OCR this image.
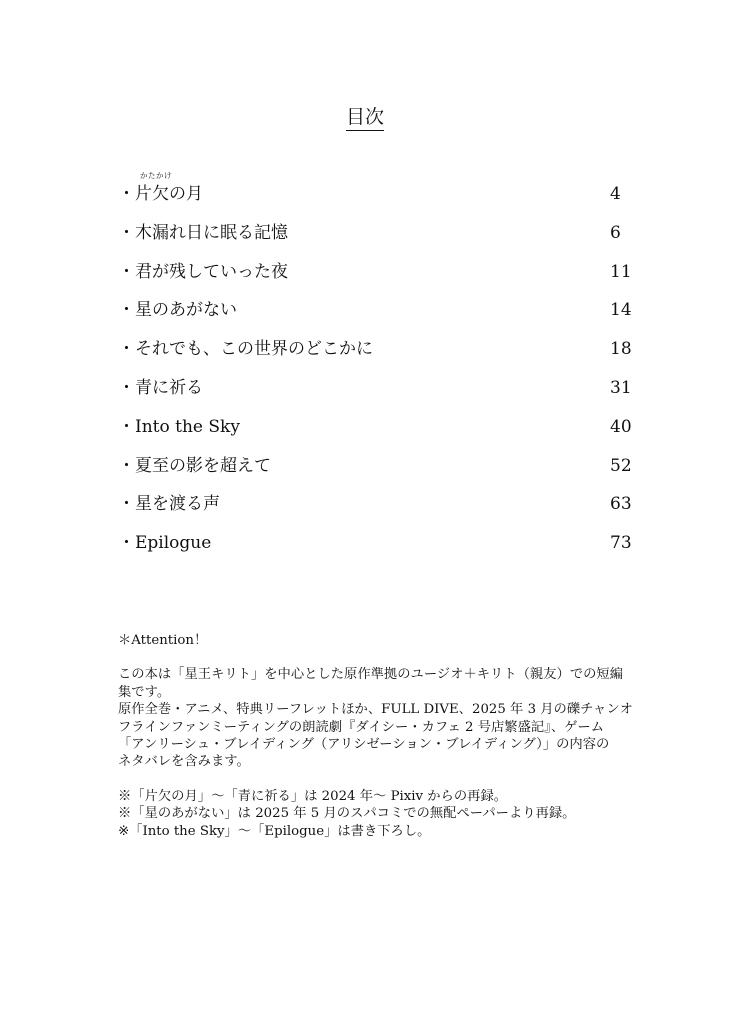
目次
かたかけ
・片欠の月	4
・木漏れ日に眠る記憶	6
・君が残していった夜	11
・星のあがない	14
・それでも、この世界のどこかに	18
・青に祈る	31
・Into the Sky	40
・夏至の影を超えて	52
・星を渡る声	63
・Epilogue	73

＊Attention！

この本は「星王キリト」を中心とした原作準拠のユージオ＋キリト（親友）での短編

集です。

原作全巻・アニメ、特典リーフレットほか、FULL DIVE、2025 年 3 月の礫チャンオ

フラインファンミーティングの朗読劇『ダイシー・カフェ 2 号店繁盛記』、ゲーム

「アンリーシュ・ブレイディング（アリシゼーション・ブレイディング）」の内容の

ネタバレを含みます。

※「片欠の月」～「青に祈る」は 2024 年～ Pixiv からの再録。

※「星のあがない」は 2025 年 5 月のスパコミでの無配ペーパーより再録。

※「Into the Sky」～「Epilogue」は書き下ろし。
